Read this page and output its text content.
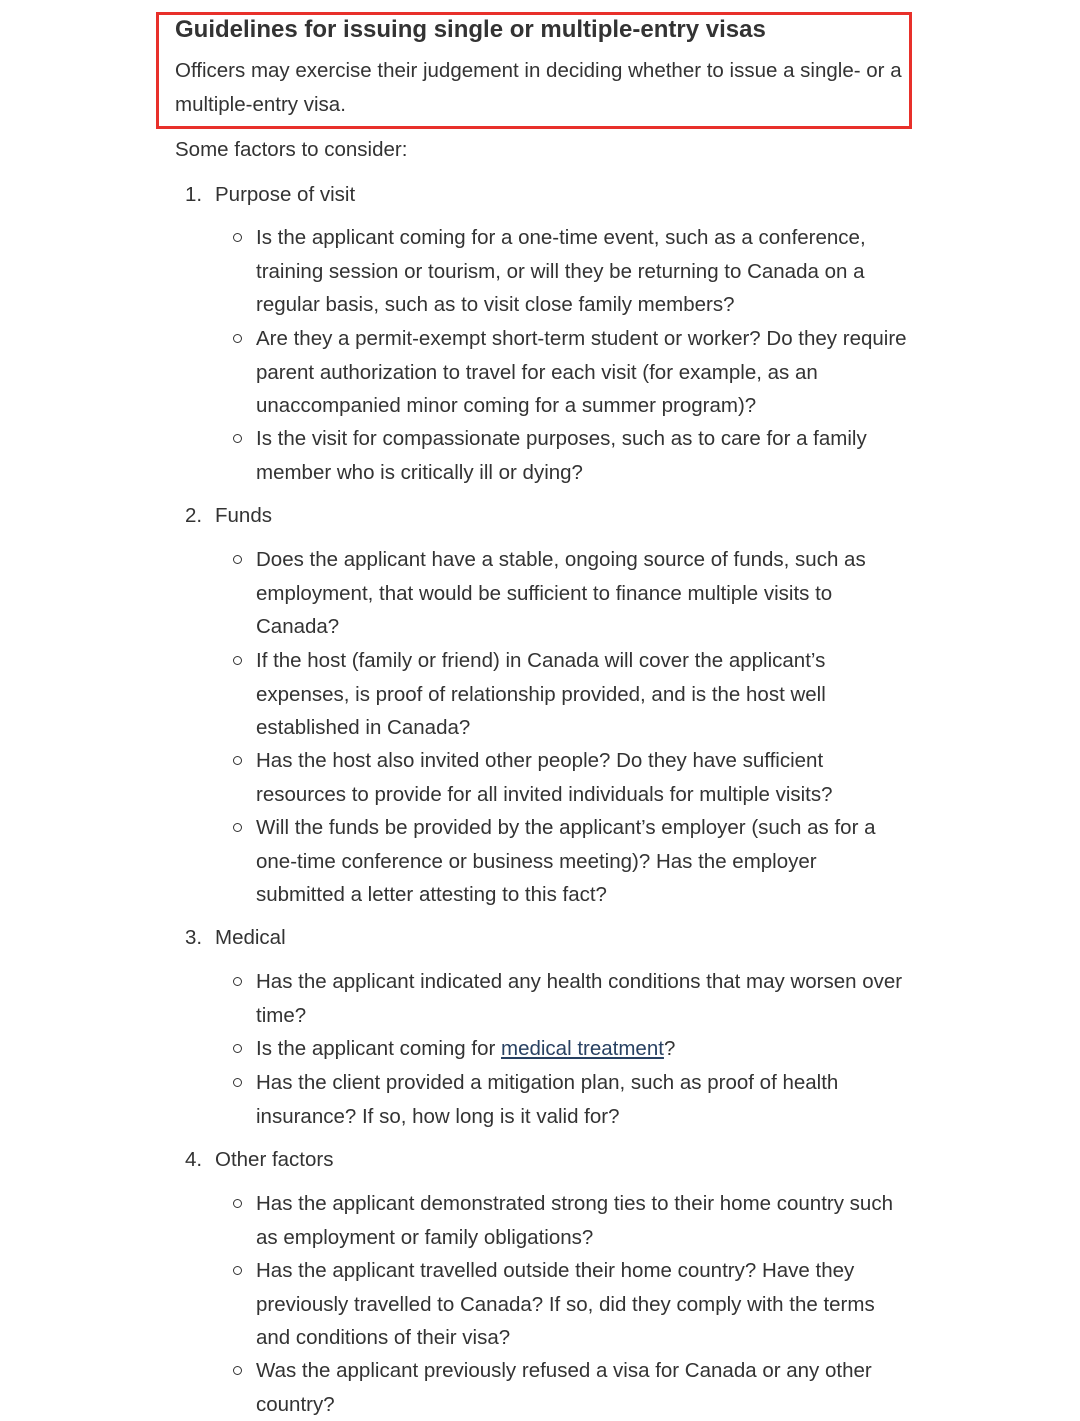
Guidelines for issuing single or multiple-entry visas
Officers may exercise their judgement in deciding whether to issue a single- or a multiple-entry visa.
Some factors to consider:
1. Purpose of visit
Is the applicant coming for a one-time event, such as a conference, training session or tourism, or will they be returning to Canada on a regular basis, such as to visit close family members?
Are they a permit-exempt short-term student or worker? Do they require parent authorization to travel for each visit (for example, as an unaccompanied minor coming for a summer program)?
Is the visit for compassionate purposes, such as to care for a family member who is critically ill or dying?
2. Funds
Does the applicant have a stable, ongoing source of funds, such as employment, that would be sufficient to finance multiple visits to Canada?
If the host (family or friend) in Canada will cover the applicant’s expenses, is proof of relationship provided, and is the host well established in Canada?
Has the host also invited other people? Do they have sufficient resources to provide for all invited individuals for multiple visits?
Will the funds be provided by the applicant’s employer (such as for a one-time conference or business meeting)? Has the employer submitted a letter attesting to this fact?
3. Medical
Has the applicant indicated any health conditions that may worsen over time?
Is the applicant coming for medical treatment?
Has the client provided a mitigation plan, such as proof of health insurance? If so, how long is it valid for?
4. Other factors
Has the applicant demonstrated strong ties to their home country such as employment or family obligations?
Has the applicant travelled outside their home country? Have they previously travelled to Canada? If so, did they comply with the terms and conditions of their visa?
Was the applicant previously refused a visa for Canada or any other country?
